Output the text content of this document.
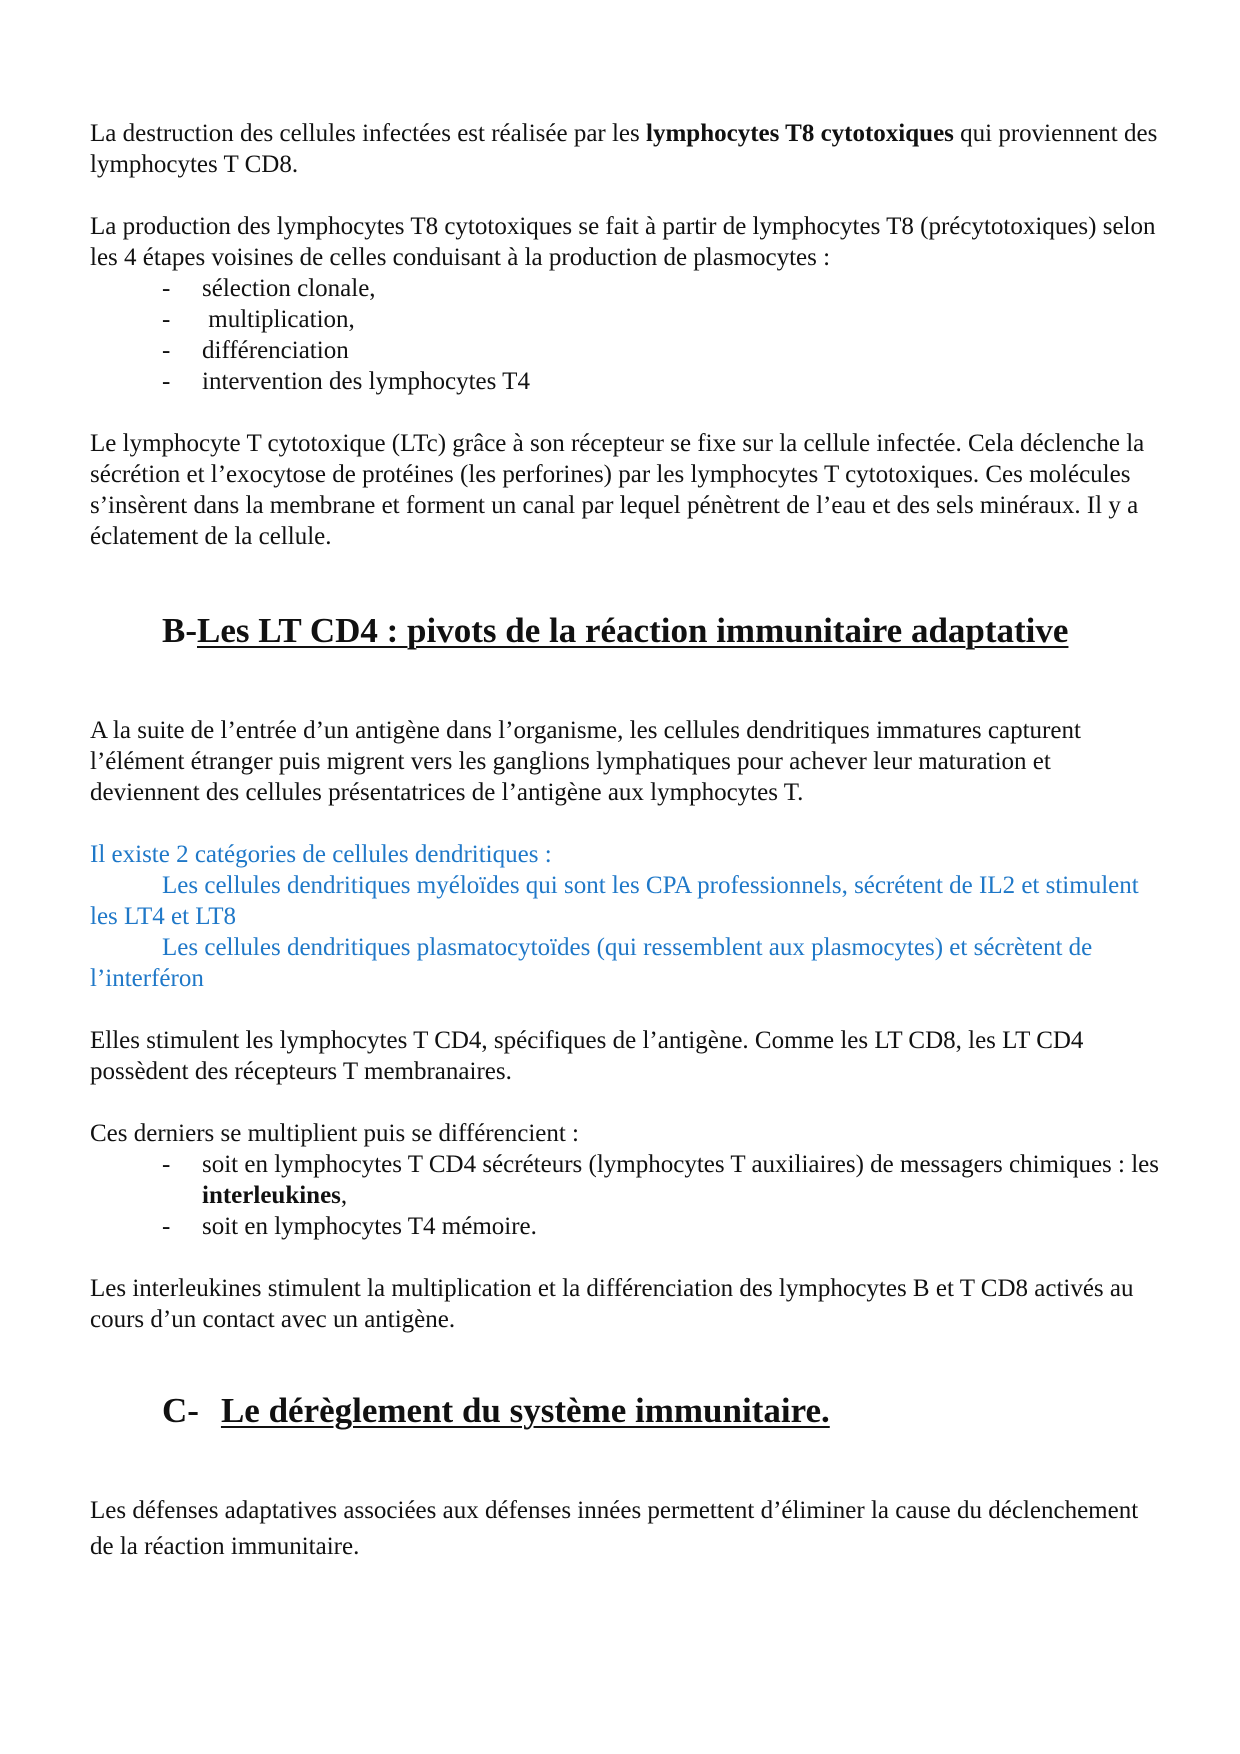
La destruction des cellules infectées est réalisée par les lymphocytes T8 cytotoxiques qui proviennent des lymphocytes T CD8.

La production des lymphocytes T8 cytotoxiques se fait à partir de lymphocytes T8 (précytotoxiques) selon les 4 étapes voisines de celles conduisant à la production de plasmocytes :

- sélection clonale,
- multiplication,
- différenciation
- intervention des lymphocytes T4

Le lymphocyte T cytotoxique (LTc) grâce à son récepteur se fixe sur la cellule infectée. Cela déclenche la sécrétion et l’exocytose de protéines (les perforines) par les lymphocytes T cytotoxiques. Ces molécules s’insèrent dans la membrane et forment un canal par lequel pénètrent de l’eau et des sels minéraux. Il y a éclatement de la cellule.

B-Les LT CD4 : pivots de la réaction immunitaire adaptative

A la suite de l’entrée d’un antigène dans l’organisme, les cellules dendritiques immatures capturent l’élément étranger puis migrent vers les ganglions lymphatiques pour achever leur maturation et deviennent des cellules présentatrices de l’antigène aux lymphocytes T.

Il existe 2 catégories de cellules dendritiques :

Les cellules dendritiques myéloïdes qui sont les CPA professionnels, sécrétent de IL2 et stimulent les LT4 et LT8

Les cellules dendritiques plasmatocytoïdes (qui ressemblent aux plasmocytes) et sécrètent de l’interféron

Elles stimulent les lymphocytes T CD4, spécifiques de l’antigène. Comme les LT CD8, les LT CD4 possèdent des récepteurs T membranaires.

Ces derniers se multiplient puis se différencient :

- soit en lymphocytes T CD4 sécréteurs (lymphocytes T auxiliaires) de messagers chimiques : les interleukines,
- soit en lymphocytes T4 mémoire.

Les interleukines stimulent la multiplication et la différenciation des lymphocytes B et T CD8 activés au cours d’un contact avec un antigène.

C- Le dérèglement du système immunitaire.

Les défenses adaptatives associées aux défenses innées permettent d’éliminer la cause du déclenchement de la réaction immunitaire.
